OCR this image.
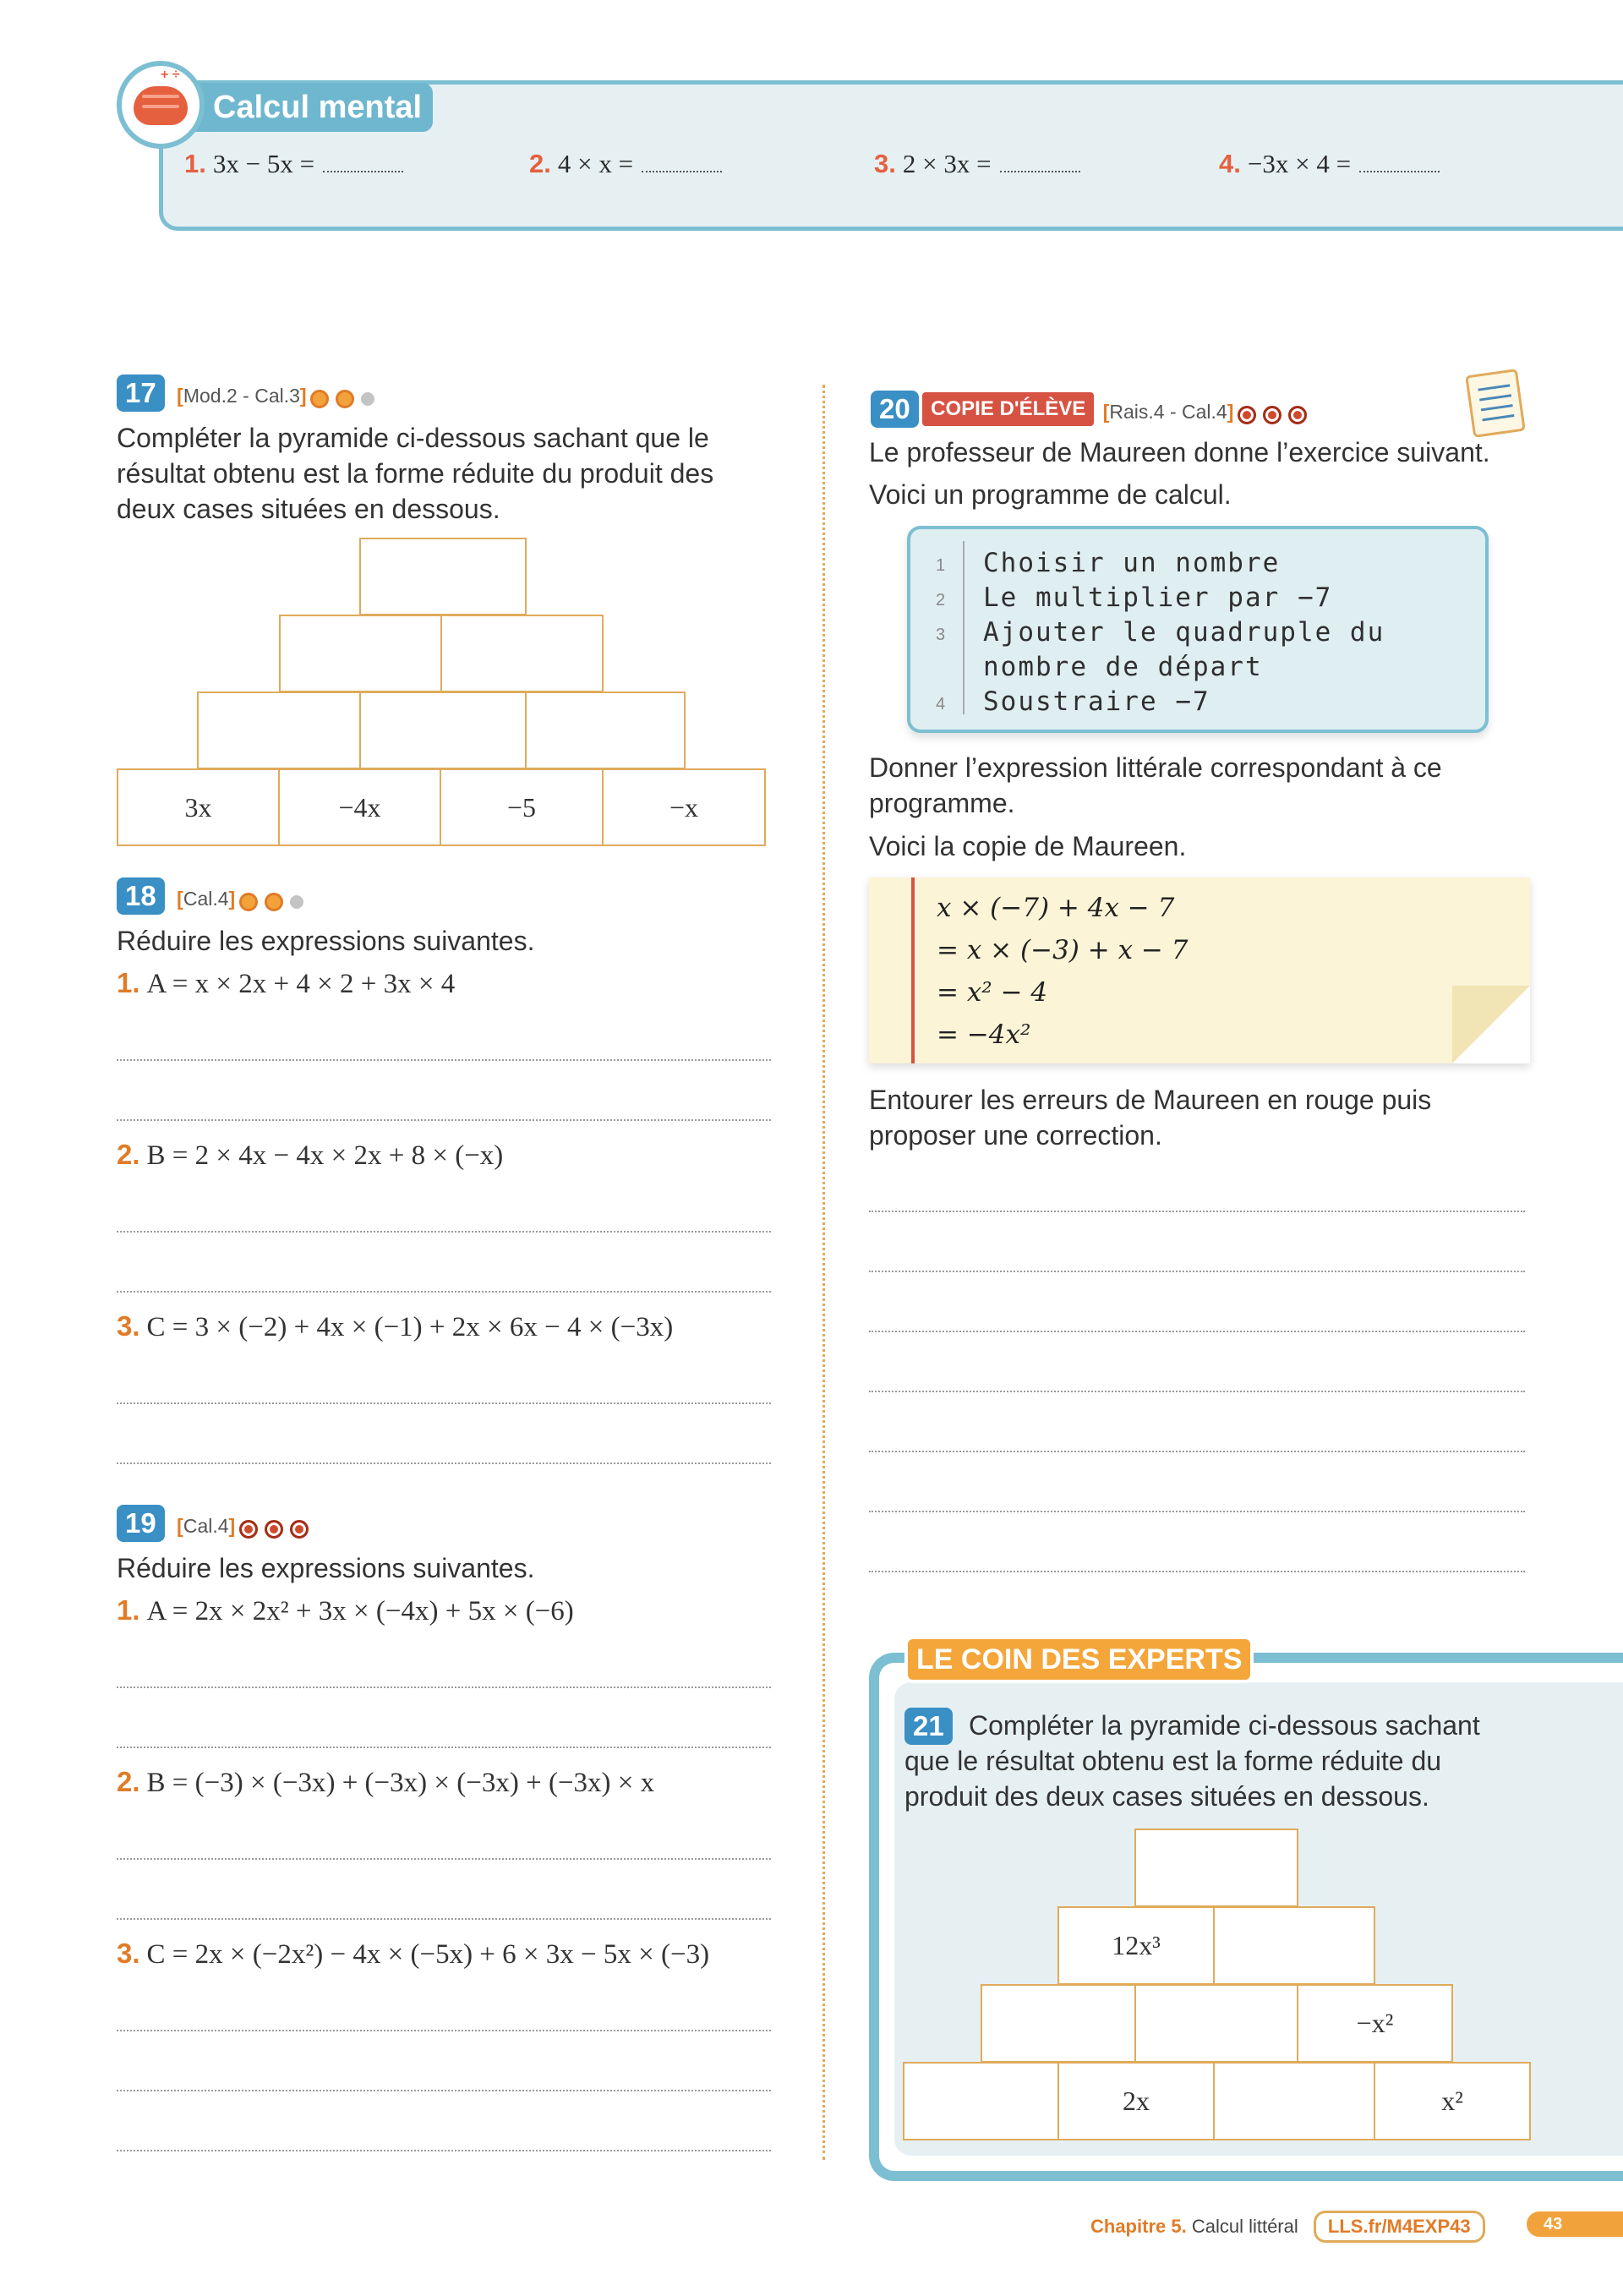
Calcul mental
+ ÷
1. 3x − 5x =	2. 4 × x =	3. 2 × 3x =	4. −3x × 4 =
17 [Mod.2 - Cal.3]
Compléter la pyramide ci-dessous sachant que le résultat obtenu est la forme réduite du produit des deux cases situées en dessous.
3x	−4x	−5	−x
18 [Cal.4]
Réduire les expressions suivantes.
1. A = x × 2x + 4 × 2 + 3x × 4
2. B = 2 × 4x − 4x × 2x + 8 × (−x)
3. C = 3 × (−2) + 4x × (−1) + 2x × 6x − 4 × (−3x)
19 [Cal.4]
Réduire les expressions suivantes.
1. A = 2x × 2x² + 3x × (−4x) + 5x × (−6)
2. B = (−3) × (−3x) + (−3x) × (−3x) + (−3x) × x
3. C = 2x × (−2x²) − 4x × (−5x) + 6 × 3x − 5x × (−3)
20 COPIE D'ÉLÈVE [Rais.4 - Cal.4]
Le professeur de Maureen donne l’exercice suivant.
Voici un programme de calcul.
1 Choisir un nombre
2 Le multiplier par −7
3 Ajouter le quadruple du
nombre de départ
4 Soustraire −7
Donner l’expression littérale correspondant à ce programme.
Voici la copie de Maureen.
x × (−7) + 4x − 7
= x × (−3) + x − 7
= x² − 4
= −4x²
Entourer les erreurs de Maureen en rouge puis proposer une correction.
LE COIN DES EXPERTS
21 Compléter la pyramide ci-dessous sachant que le résultat obtenu est la forme réduite du produit des deux cases situées en dessous.
12x³
−x²
2x	x²
Chapitre 5. Calcul littéral LLS.fr/M4EXP43	43
